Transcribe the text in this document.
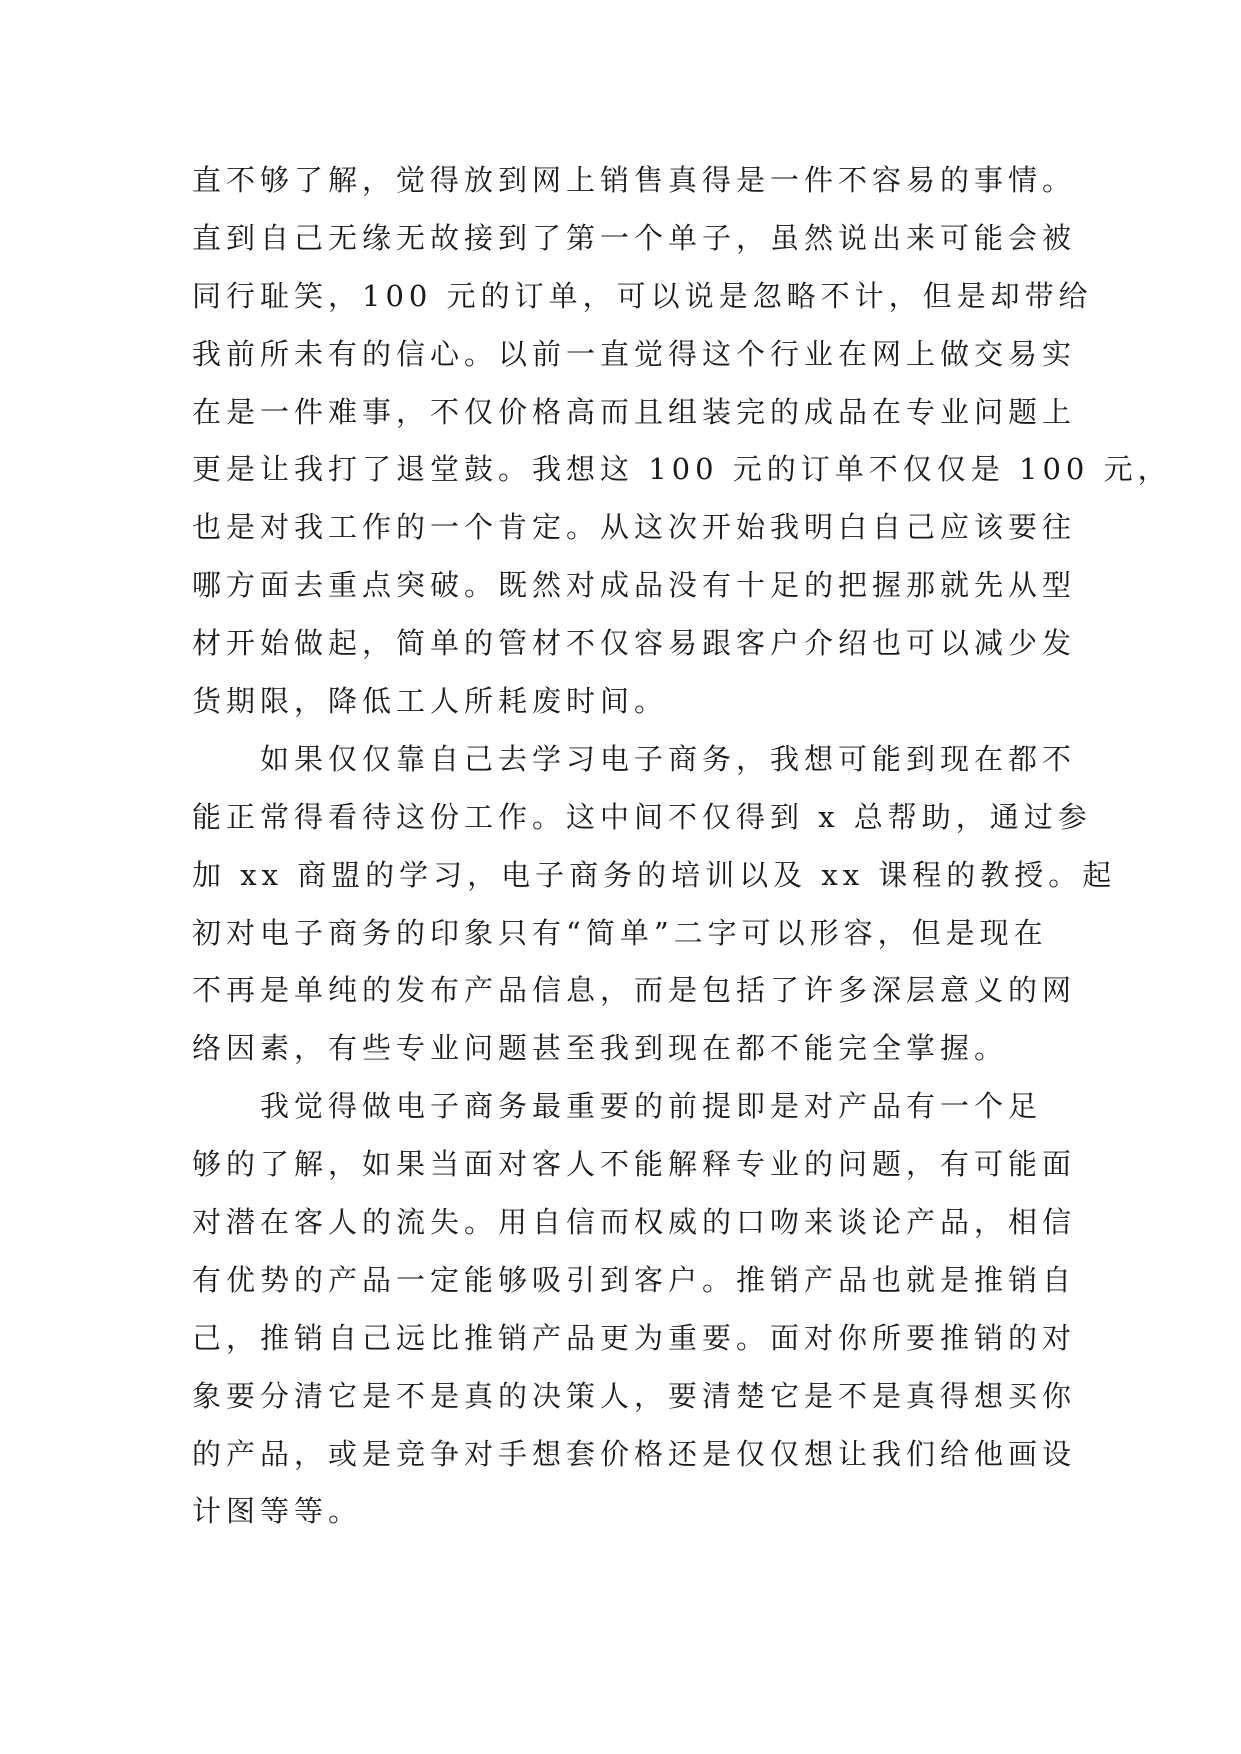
直不够了解，觉得放到网上销售真得是一件不容易的事情。
直到自己无缘无故接到了第一个单子，虽然说出来可能会被
同行耻笑，100 元的订单，可以说是忽略不计，但是却带给
我前所未有的信心。以前一直觉得这个行业在网上做交易实
在是一件难事，不仅价格高而且组装完的成品在专业问题上
更是让我打了退堂鼓。我想这 100 元的订单不仅仅是 100 元，
也是对我工作的一个肯定。从这次开始我明白自己应该要往
哪方面去重点突破。既然对成品没有十足的把握那就先从型
材开始做起，简单的管材不仅容易跟客户介绍也可以减少发
货期限，降低工人所耗废时间。
如果仅仅靠自己去学习电子商务，我想可能到现在都不
能正常得看待这份工作。这中间不仅得到 x 总帮助，通过参
加 xx 商盟的学习，电子商务的培训以及 xx 课程的教授。起
初对电子商务的印象只有“简单”二字可以形容，但是现在
不再是单纯的发布产品信息，而是包括了许多深层意义的网
络因素，有些专业问题甚至我到现在都不能完全掌握。
我觉得做电子商务最重要的前提即是对产品有一个足
够的了解，如果当面对客人不能解释专业的问题，有可能面
对潜在客人的流失。用自信而权威的口吻来谈论产品，相信
有优势的产品一定能够吸引到客户。推销产品也就是推销自
己，推销自己远比推销产品更为重要。面对你所要推销的对
象要分清它是不是真的决策人，要清楚它是不是真得想买你
的产品，或是竞争对手想套价格还是仅仅想让我们给他画设
计图等等。
